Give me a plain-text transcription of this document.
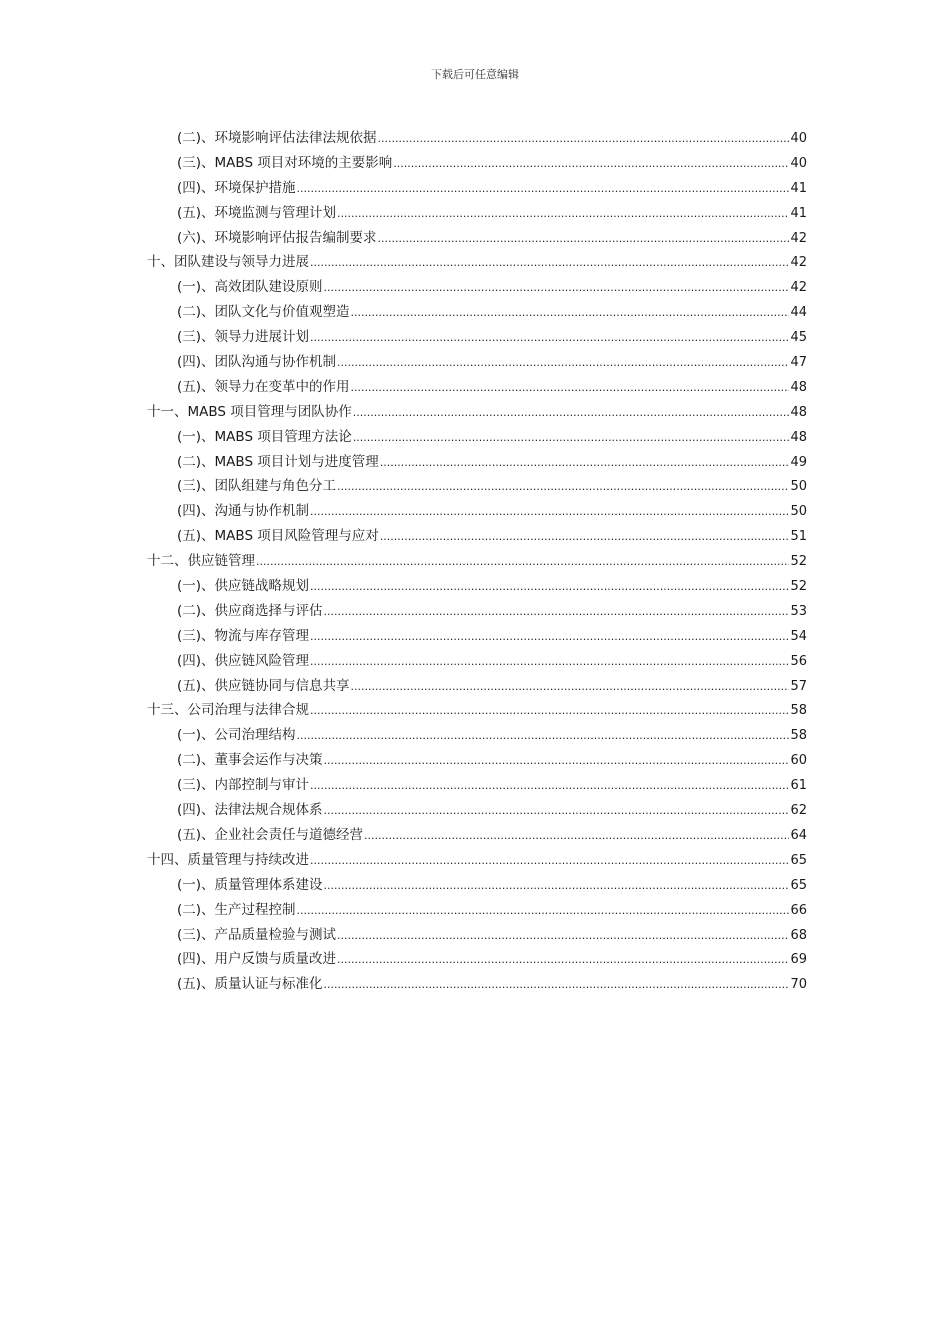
下载后可任意编辑
(二)、环境影响评估法律法规依据 .....	40
(三)、MABS 项目对环境的主要影响 .....	40
(四)、环境保护措施 .....	41
(五)、环境监测与管理计划 .....	41
(六)、环境影响评估报告编制要求 .....	42
十、团队建设与领导力进展 .....	42
(一)、高效团队建设原则 .....	42
(二)、团队文化与价值观塑造 .....	44
(三)、领导力进展计划 .....	45
(四)、团队沟通与协作机制 .....	47
(五)、领导力在变革中的作用 .....	48
十一、MABS 项目管理与团队协作 .....	48
(一)、MABS 项目管理方法论 .....	48
(二)、MABS 项目计划与进度管理 .....	49
(三)、团队组建与角色分工 .....	50
(四)、沟通与协作机制 .....	50
(五)、MABS 项目风险管理与应对 .....	51
十二、供应链管理 .....	52
(一)、供应链战略规划 .....	52
(二)、供应商选择与评估 .....	53
(三)、物流与库存管理 .....	54
(四)、供应链风险管理 .....	56
(五)、供应链协同与信息共享 .....	57
十三、公司治理与法律合规 .....	58
(一)、公司治理结构 .....	58
(二)、董事会运作与决策 .....	60
(三)、内部控制与审计 .....	61
(四)、法律法规合规体系 .....	62
(五)、企业社会责任与道德经营 .....	64
十四、质量管理与持续改进 .....	65
(一)、质量管理体系建设 .....	65
(二)、生产过程控制 .....	66
(三)、产品质量检验与测试 .....	68
(四)、用户反馈与质量改进 .....	69
(五)、质量认证与标准化 .....	70
